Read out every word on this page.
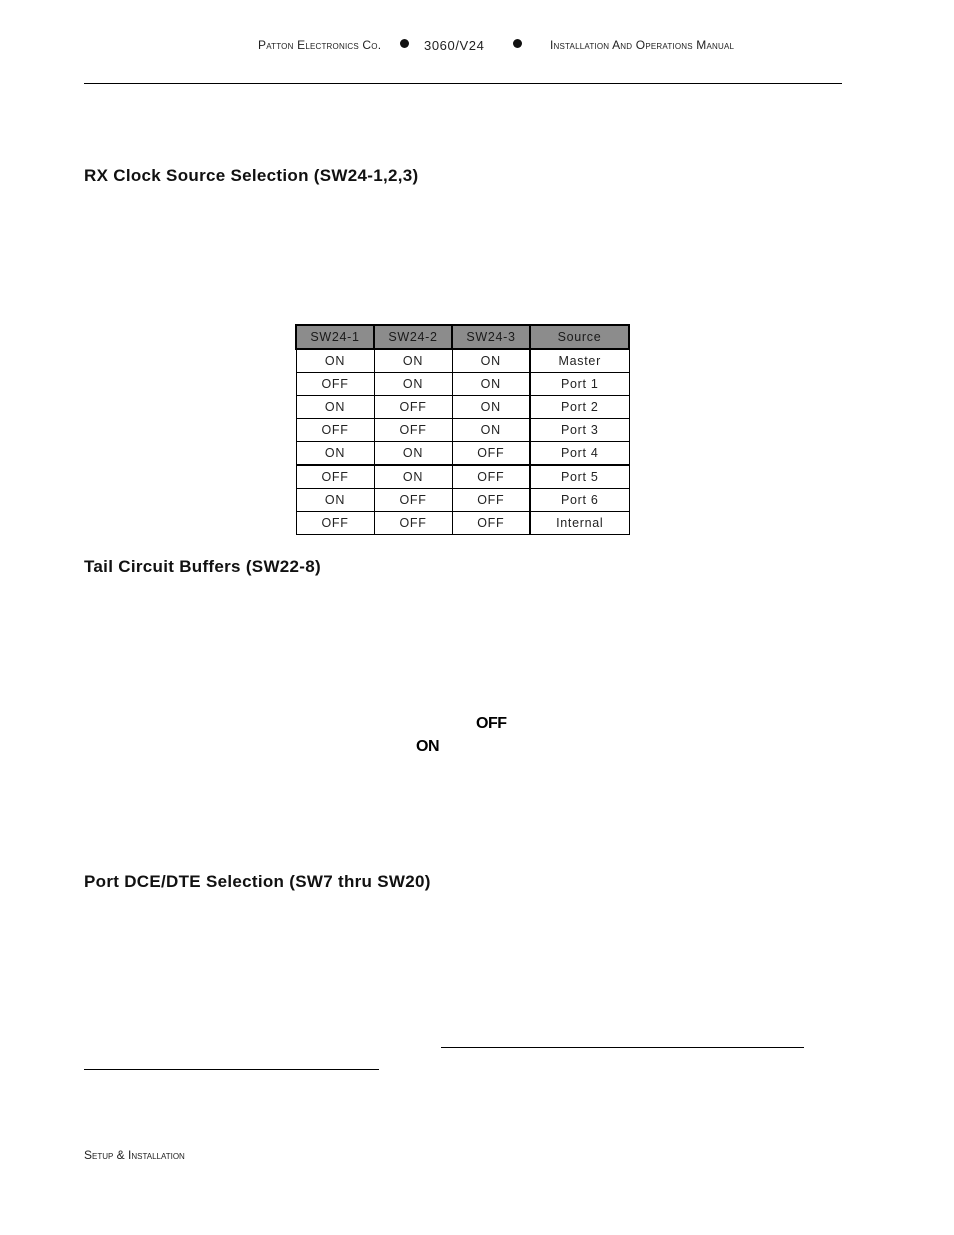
Patton Electronics Co.	3060/V24	Installation And Operations Manual
RX Clock Source Selection (SW24-1,2,3)
SW24-1	SW24-2	SW24-3	Source
ON	ON	ON	Master
OFF	ON	ON	Port 1
ON	OFF	ON	Port 2
OFF	OFF	ON	Port 3
ON	ON	OFF	Port 4
OFF	ON	OFF	Port 5
ON	OFF	OFF	Port 6
OFF	OFF	OFF	Internal
Tail Circuit Buffers (SW22-8)
OFF
ON
Port DCE/DTE Selection (SW7 thru SW20)
Setup & Installation
